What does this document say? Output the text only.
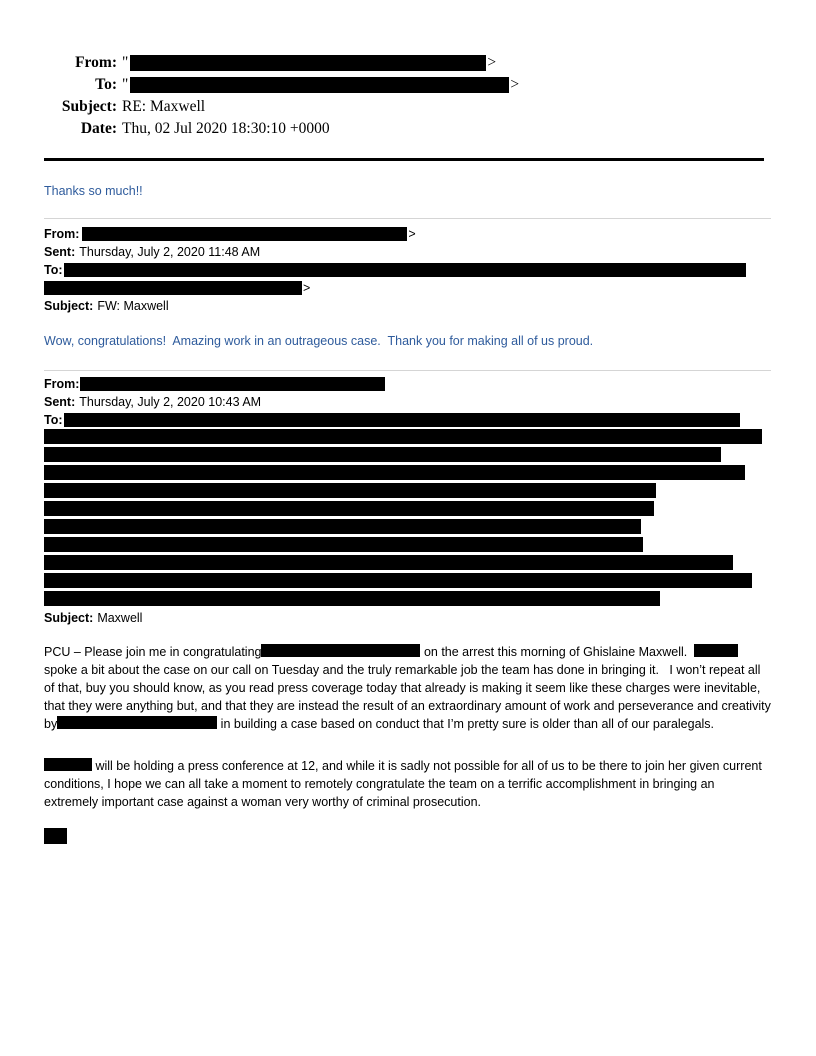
From: "	>
To: "	>
Subject: RE: Maxwell
Date: Thu, 02 Jul 2020 18:30:10 +0000
Thanks so much!!
From:	>
Sent: Thursday, July 2, 2020 11:48 AM
To:
>
Subject: FW: Maxwell
Wow, congratulations!  Amazing work in an outrageous case.  Thank you for making all of us proud.
From:
Sent: Thursday, July 2, 2020 10:43 AM
To:
Subject: Maxwell

PCU – Please join me in congratulating	on the arrest this morning of Ghislaine Maxwell.	spoke a bit about the case on our call on Tuesday and the truly remarkable job the team has done in bringing it.   I won’t repeat all of that, buy you should know, as you read press coverage today that already is making it seem like these charges were inevitable, that they were anything but, and that they are instead the result of an extraordinary amount of work and perseverance and creativity by	in building a case based on conduct that I’m pretty sure is older than all of our paralegals.

will be holding a press conference at 12, and while it is sadly not possible for all of us to be there to join her given current conditions, I hope we can all take a moment to remotely congratulate the team on a terrific accomplishment in bringing an extremely important case against a woman very worthy of criminal prosecution.
